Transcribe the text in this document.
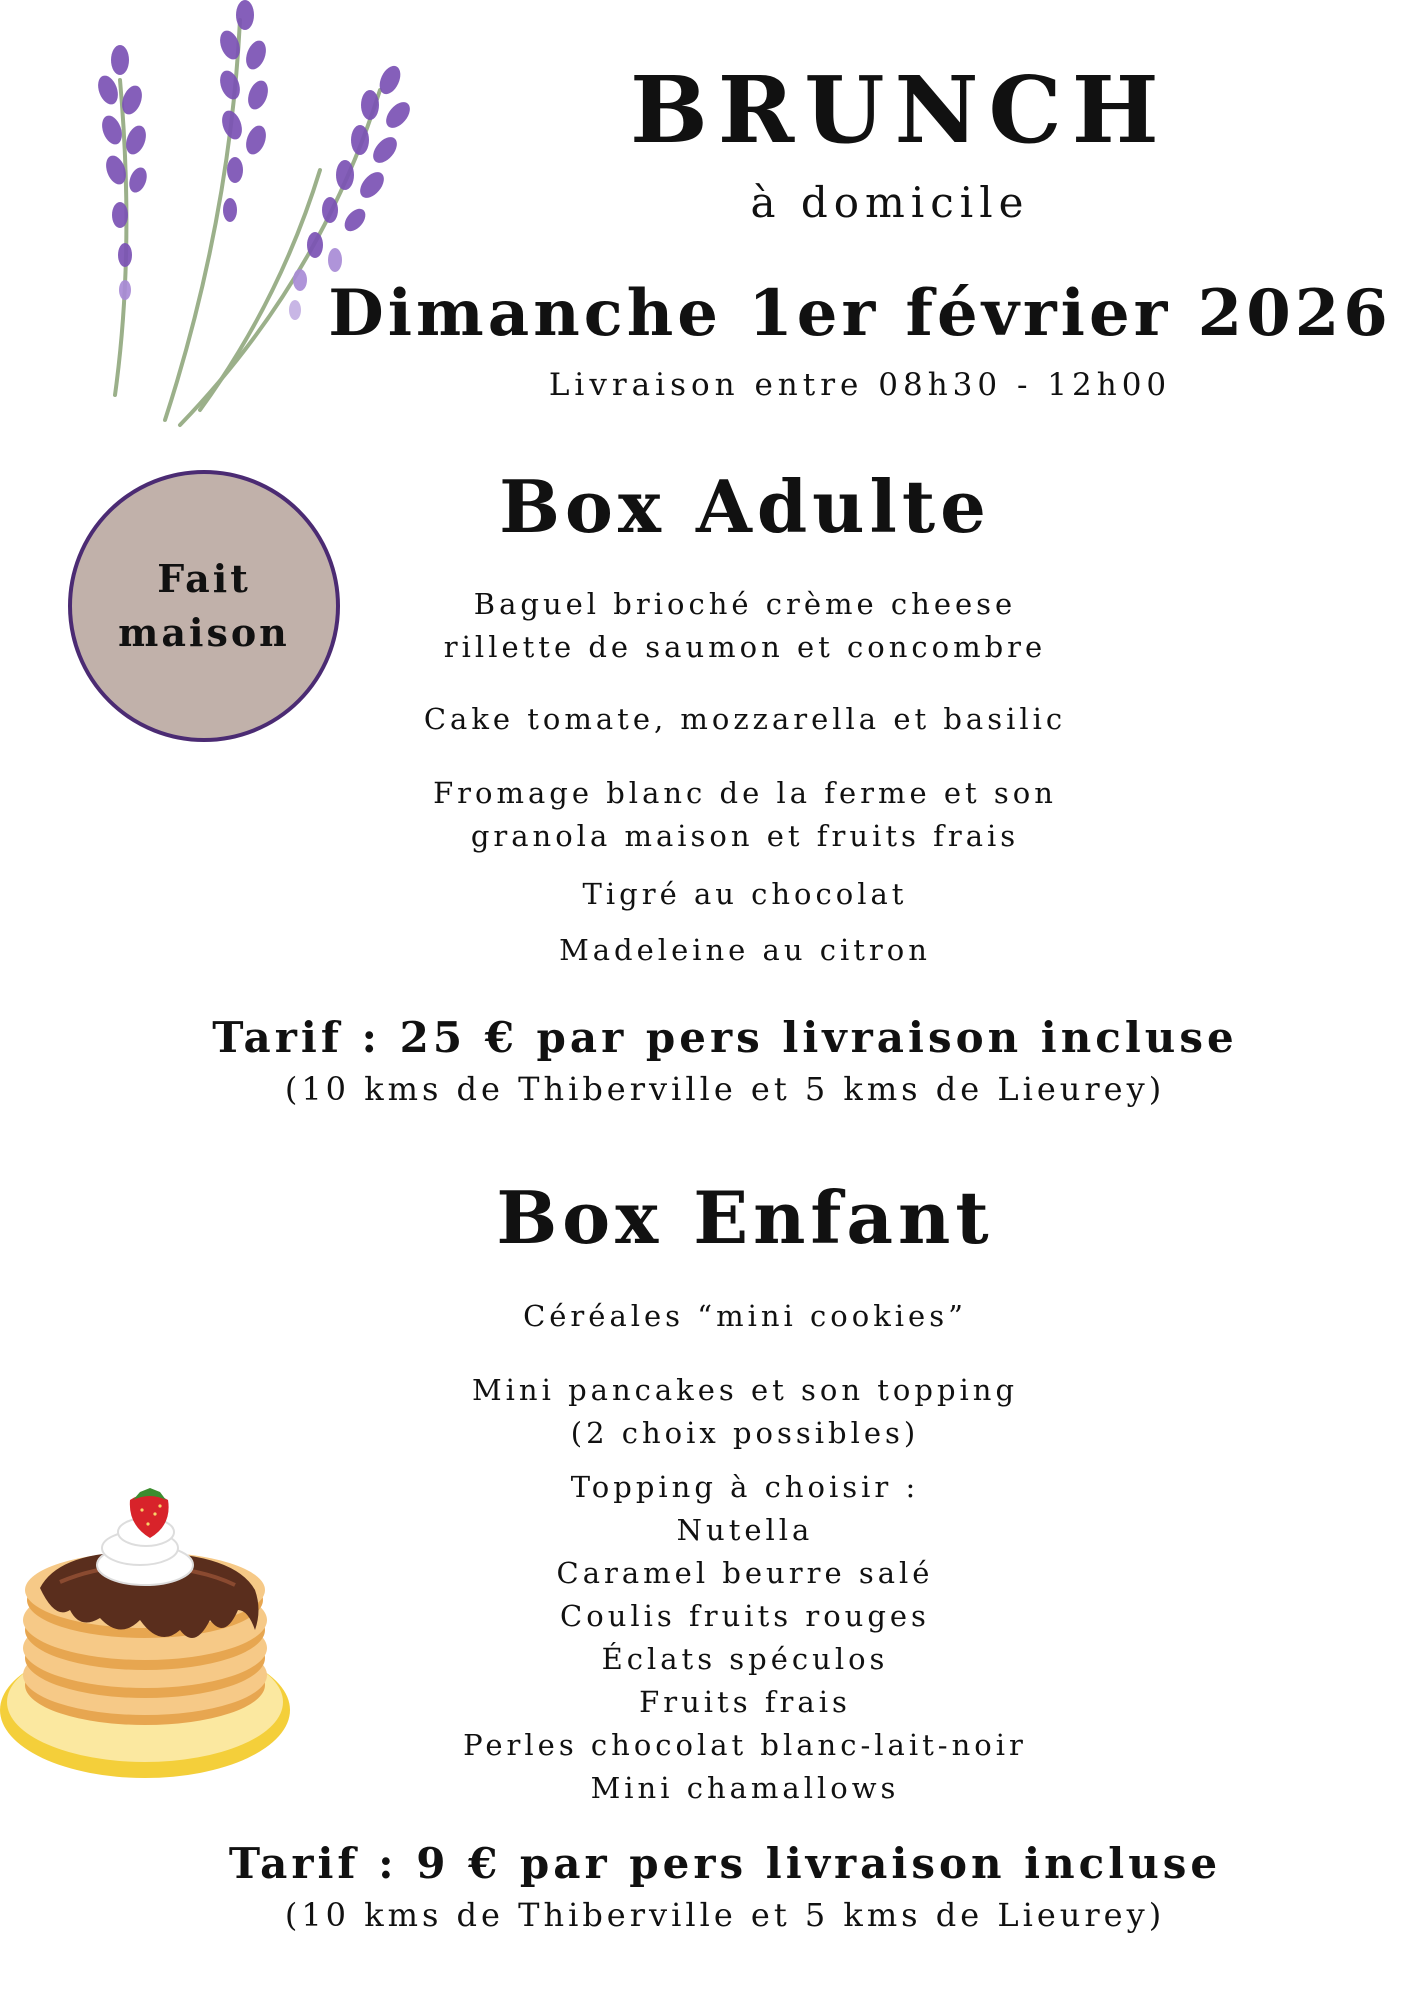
BRUNCH
à domicile
Dimanche 1er février 2026
Livraison entre 08h30 - 12h00
Fait
maison
Box Adulte
Baguel brioché crème cheese
rillette de saumon et concombre
Cake tomate, mozzarella et basilic
Fromage blanc de la ferme et son
granola maison et fruits frais
Tigré au chocolat
Madeleine au citron
Tarif : 25 € par pers livraison incluse
(10 kms de Thiberville et 5 kms de Lieurey)
Box Enfant
Céréales “mini cookies”
Mini pancakes et son topping
(2 choix possibles)
Topping à choisir :
Nutella
Caramel beurre salé
Coulis fruits rouges
Éclats spéculos
Fruits frais
Perles chocolat blanc-lait-noir
Mini chamallows
Tarif : 9 € par pers livraison incluse
(10 kms de Thiberville et 5 kms de Lieurey)
